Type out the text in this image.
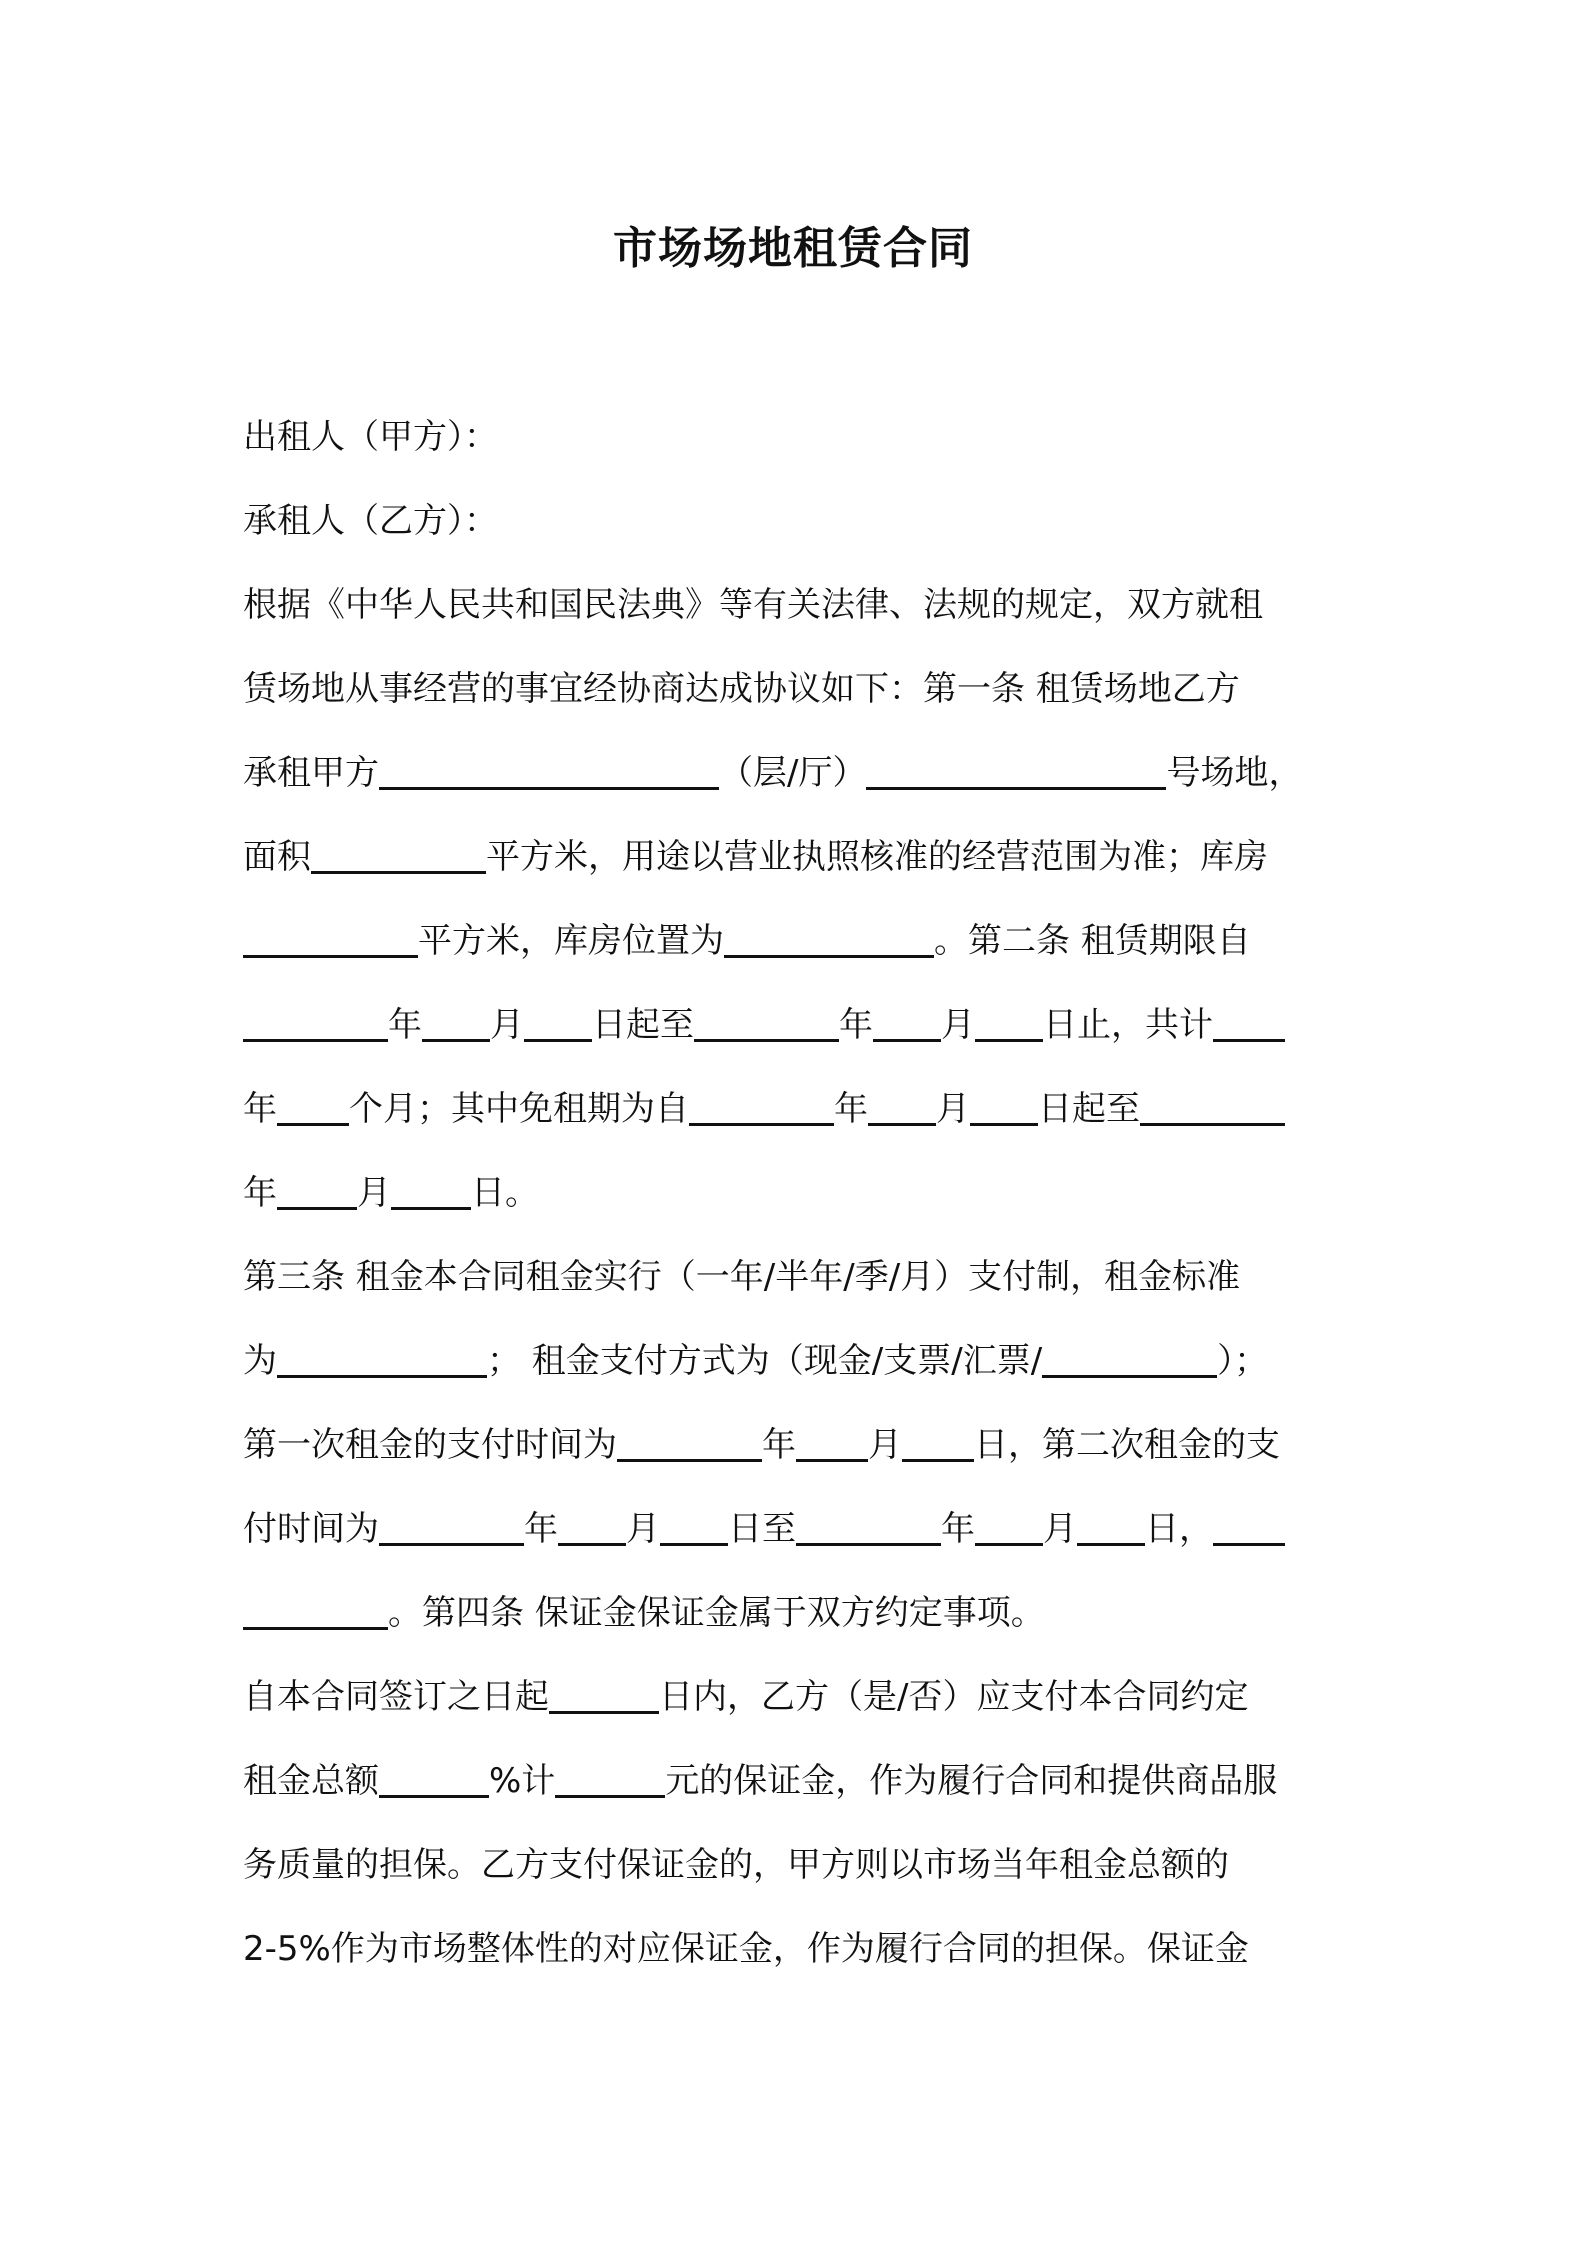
市场场地租赁合同
出租人（甲方）：
承租人（乙方）：
根据《中华人民共和国民法典》等有关法律、法规的规定，双方就租
赁场地从事经营的事宜经协商达成协议如下：第一条 租赁场地乙方
承租甲方	（层/厅）	号场地，
面积	平方米，用途以营业执照核准的经营范围为准；库房
平方米，库房位置为	。第二条 租赁期限自
年 月 日起至	年 月 日止，共计
年 个月；其中免租期为自	年 月 日起至
年 月 日。
第三条 租金本合同租金实行（一年/半年/季/月）支付制，租金标准
为	； 租金支付方式为（现金/支票/汇票/	）；
第一次租金的支付时间为	年 月 日，第二次租金的支
付时间为	年 月 日至	年 月 日，
。第四条 保证金保证金属于双方约定事项。
自本合同签订之日起	日内，乙方（是/否）应支付本合同约定
租金总额	%计	元的保证金，作为履行合同和提供商品服
务质量的担保。乙方支付保证金的，甲方则以市场当年租金总额的
2-5%作为市场整体性的对应保证金，作为履行合同的担保。保证金
